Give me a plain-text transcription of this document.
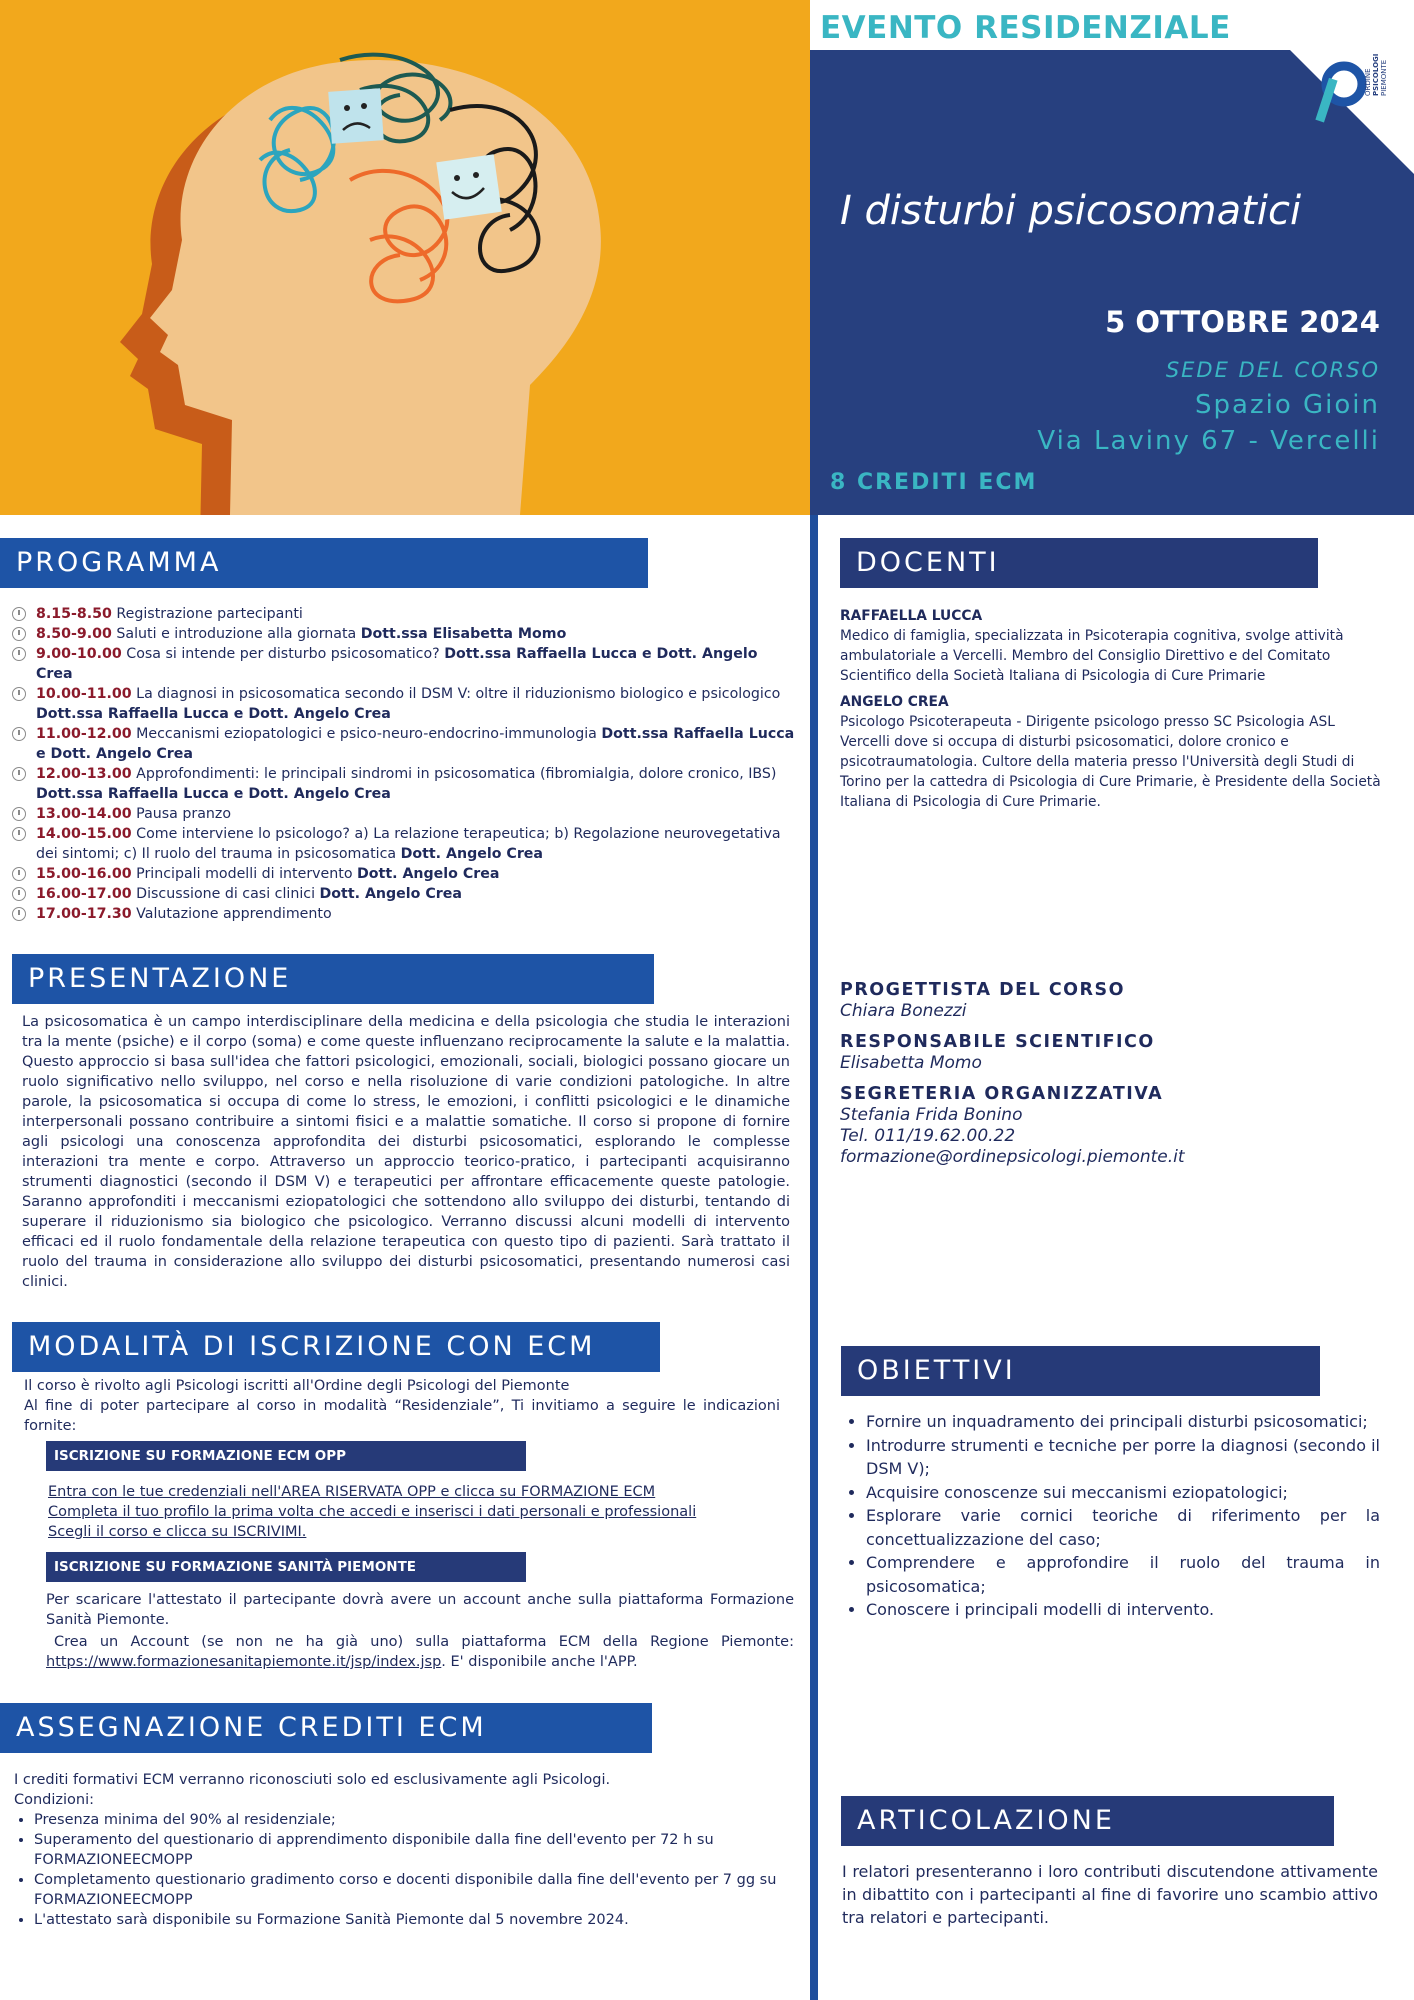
EVENTO RESIDENZIALE
ORDINE PSICOLOGI PIEMONTE
I disturbi psicosomatici
5 OTTOBRE 2024
SEDE DEL CORSO
Spazio Gioin
Via Laviny 67 - Vercelli
8 CREDITI ECM
PROGRAMMA
8.15-8.50 Registrazione partecipanti
8.50-9.00 Saluti e introduzione alla giornata Dott.ssa Elisabetta Momo
9.00-10.00 Cosa si intende per disturbo psicosomatico? Dott.ssa Raffaella Lucca e Dott. Angelo Crea
10.00-11.00 La diagnosi in psicosomatica secondo il DSM V: oltre il riduzionismo biologico e psicologico Dott.ssa Raffaella Lucca e Dott. Angelo Crea
11.00-12.00 Meccanismi eziopatologici e psico-neuro-endocrino-immunologia Dott.ssa Raffaella Lucca e Dott. Angelo Crea
12.00-13.00 Approfondimenti: le principali sindromi in psicosomatica (fibromialgia, dolore cronico, IBS) Dott.ssa Raffaella Lucca e Dott. Angelo Crea
13.00-14.00 Pausa pranzo
14.00-15.00 Come interviene lo psicologo? a) La relazione terapeutica; b) Regolazione neurovegetativa dei sintomi; c) Il ruolo del trauma in psicosomatica Dott. Angelo Crea
15.00-16.00 Principali modelli di intervento Dott. Angelo Crea
16.00-17.00 Discussione di casi clinici Dott. Angelo Crea
17.00-17.30 Valutazione apprendimento
PRESENTAZIONE
La psicosomatica è un campo interdisciplinare della medicina e della psicologia che studia le interazioni tra la mente (psiche) e il corpo (soma) e come queste influenzano reciprocamente la salute e la malattia. Questo approccio si basa sull'idea che fattori psicologici, emozionali, sociali, biologici possano giocare un ruolo significativo nello sviluppo, nel corso e nella risoluzione di varie condizioni patologiche. In altre parole, la psicosomatica si occupa di come lo stress, le emozioni, i conflitti psicologici e le dinamiche interpersonali possano contribuire a sintomi fisici e a malattie somatiche. Il corso si propone di fornire agli psicologi una conoscenza approfondita dei disturbi psicosomatici, esplorando le complesse interazioni tra mente e corpo. Attraverso un approccio teorico-pratico, i partecipanti acquisiranno strumenti diagnostici (secondo il DSM V) e terapeutici per affrontare efficacemente queste patologie. Saranno approfonditi i meccanismi eziopatologici che sottendono allo sviluppo dei disturbi, tentando di superare il riduzionismo sia biologico che psicologico. Verranno discussi alcuni modelli di intervento efficaci ed il ruolo fondamentale della relazione terapeutica con questo tipo di pazienti. Sarà trattato il ruolo del trauma in considerazione allo sviluppo dei disturbi psicosomatici, presentando numerosi casi clinici.
MODALITÀ DI ISCRIZIONE CON ECM
Il corso è rivolto agli Psicologi iscritti all'Ordine degli Psicologi del Piemonte
Al fine di poter partecipare al corso in modalità “Residenziale”, Ti invitiamo a seguire le indicazioni fornite:
ISCRIZIONE SU FORMAZIONE ECM OPP
Entra con le tue credenziali nell'AREA RISERVATA OPP e clicca su FORMAZIONE ECM
Completa il tuo profilo la prima volta che accedi e inserisci i dati personali e professionali
Scegli il corso e clicca su ISCRIVIMI.
ISCRIZIONE SU FORMAZIONE SANITÀ PIEMONTE
Per scaricare l'attestato il partecipante dovrà avere un account anche sulla piattaforma Formazione Sanità Piemonte.
Crea un Account (se non ne ha già uno) sulla piattaforma ECM della Regione Piemonte: https://www.formazionesanitapiemonte.it/jsp/index.jsp. E' disponibile anche l'APP.
ASSEGNAZIONE CREDITI ECM
I crediti formativi ECM verranno riconosciuti solo ed esclusivamente agli Psicologi.
Condizioni:
• Presenza minima del 90% al residenziale;
• Superamento del questionario di apprendimento disponibile dalla fine dell'evento per 72 h su FORMAZIONEECMOPP
• Completamento questionario gradimento corso e docenti disponibile dalla fine dell'evento per 7 gg su FORMAZIONEECMOPP
• L'attestato sarà disponibile su Formazione Sanità Piemonte dal 5 novembre 2024.
DOCENTI
RAFFAELLA LUCCA
Medico di famiglia, specializzata in Psicoterapia cognitiva, svolge attività ambulatoriale a Vercelli. Membro del Consiglio Direttivo e del Comitato Scientifico della Società Italiana di Psicologia di Cure Primarie
ANGELO CREA
Psicologo Psicoterapeuta - Dirigente psicologo presso SC Psicologia ASL Vercelli dove si occupa di disturbi psicosomatici, dolore cronico e psicotraumatologia. Cultore della materia presso l'Università degli Studi di Torino per la cattedra di Psicologia di Cure Primarie, è Presidente della Società Italiana di Psicologia di Cure Primarie.
PROGETTISTA DEL CORSO
Chiara Bonezzi
RESPONSABILE SCIENTIFICO
Elisabetta Momo
SEGRETERIA ORGANIZZATIVA
Stefania Frida Bonino
Tel. 011/19.62.00.22
formazione@ordinepsicologi.piemonte.it
OBIETTIVI
• Fornire un inquadramento dei principali disturbi psicosomatici;
• Introdurre strumenti e tecniche per porre la diagnosi (secondo il DSM V);
• Acquisire conoscenze sui meccanismi eziopatologici;
• Esplorare varie cornici teoriche di riferimento per la concettualizzazione del caso;
• Comprendere e approfondire il ruolo del trauma in psicosomatica;
• Conoscere i principali modelli di intervento.
ARTICOLAZIONE
I relatori presenteranno i loro contributi discutendone attivamente in dibattito con i partecipanti al fine di favorire uno scambio attivo tra relatori e partecipanti.
